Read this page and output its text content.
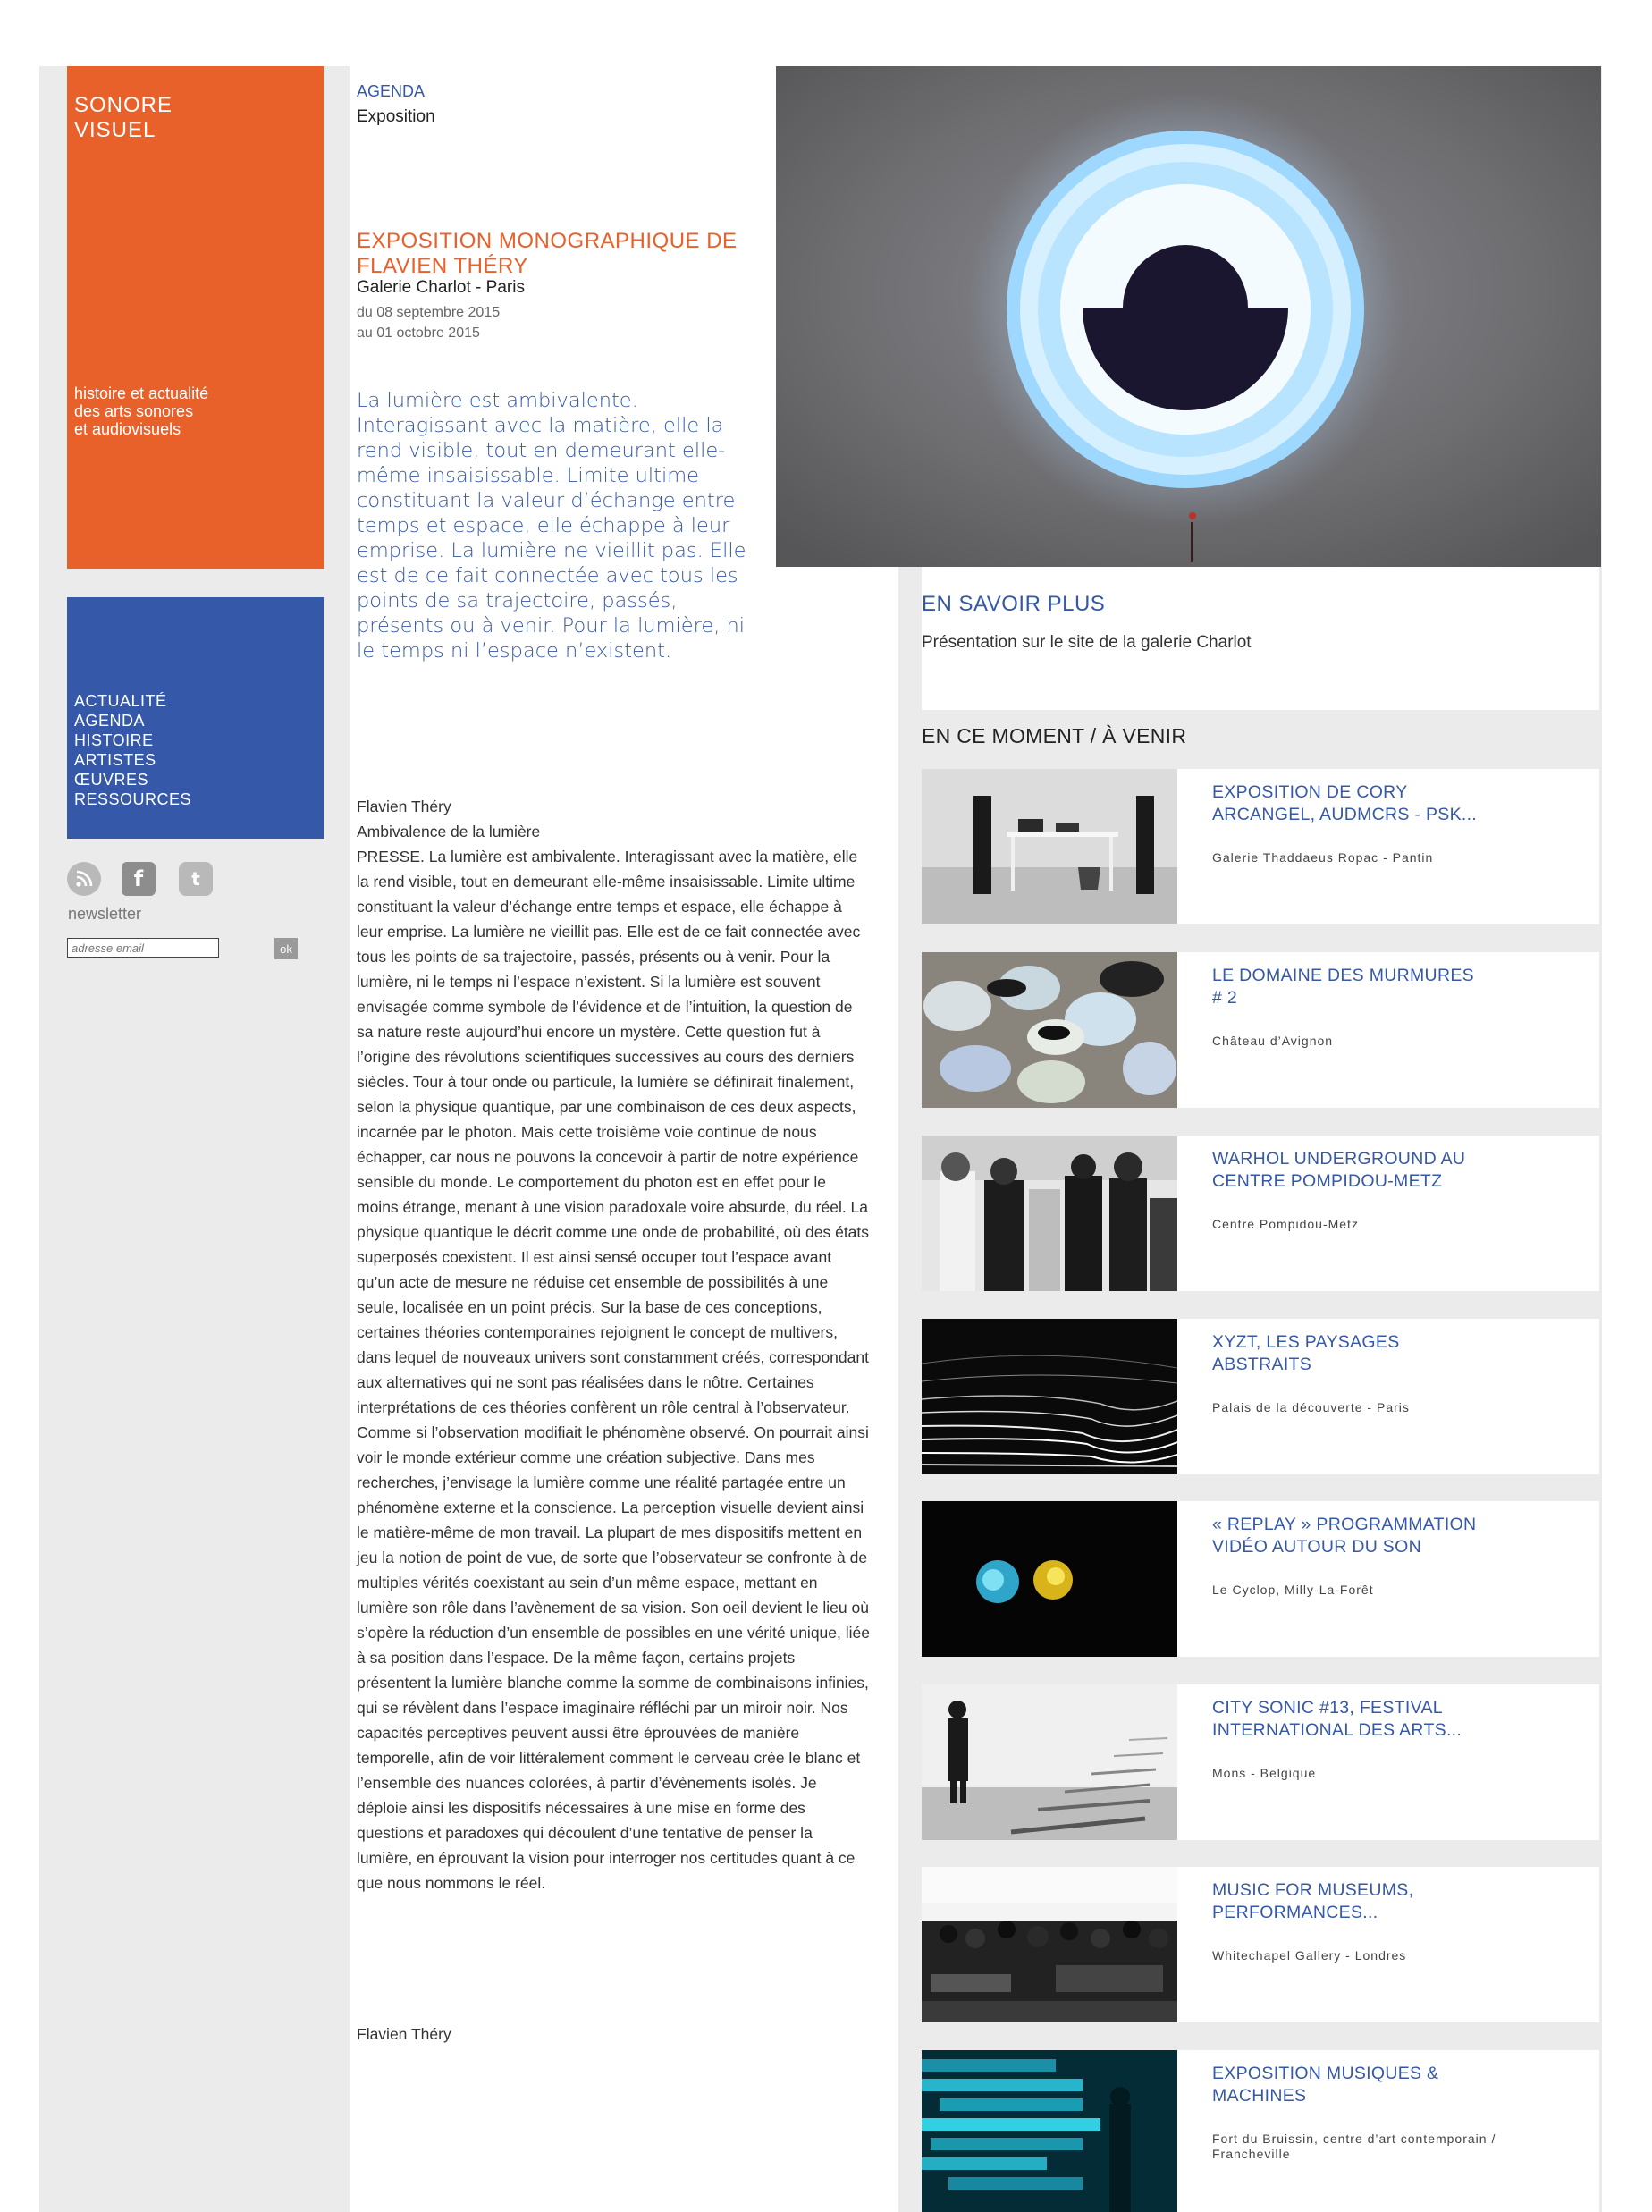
SONORE
VISUEL
histoire et actualité
des arts sonores
et audiovisuels
ACTUALITÉ
AGENDA
HISTOIRE
ARTISTES
ŒUVRES
RESSOURCES
f	t
newsletter
adresse email
ok
AGENDA
Exposition
EXPOSITION MONOGRAPHIQUE DE FLAVIEN THÉRY
Galerie Charlot - Paris
du 08 septembre 2015
au 01 octobre 2015
La lumière est ambivalente. Interagissant avec la matière, elle la rend visible, tout en demeurant elle-même insaisissable. Limite ultime constituant la valeur d’échange entre temps et espace, elle échappe à leur emprise. La lumière ne vieillit pas. Elle est de ce fait connectée avec tous les points de sa trajectoire, passés, présents ou à venir. Pour la lumière, ni le temps ni l’espace n’existent.

Flavien Théry

Ambivalence de la lumière

PRESSE. La lumière est ambivalente. Interagissant avec la matière, elle la rend visible, tout en demeurant elle-même insaisissable. Limite ultime constituant la valeur d’échange entre temps et espace, elle échappe à leur emprise. La lumière ne vieillit pas. Elle est de ce fait connectée avec tous les points de sa trajectoire, passés, présents ou à venir. Pour la lumière, ni le temps ni l’espace n’existent. Si la lumière est souvent envisagée comme symbole de l’évidence et de l’intuition, la question de sa nature reste aujourd’hui encore un mystère. Cette question fut à l’origine des révolutions scientifiques successives au cours des derniers siècles. Tour à tour onde ou particule, la lumière se définirait finalement, selon la physique quantique, par une combinaison de ces deux aspects, incarnée par le photon. Mais cette troisième voie continue de nous échapper, car nous ne pouvons la concevoir à partir de notre expérience sensible du monde. Le comportement du photon est en effet pour le moins étrange, menant à une vision paradoxale voire absurde, du réel. La physique quantique le décrit comme une onde de probabilité, où des états superposés coexistent. Il est ainsi sensé occuper tout l’espace avant qu’un acte de mesure ne réduise cet ensemble de possibilités à une seule, localisée en un point précis. Sur la base de ces conceptions, certaines théories contemporaines rejoignent le concept de multivers, dans lequel de nouveaux univers sont constamment créés, correspondant aux alternatives qui ne sont pas réalisées dans le nôtre. Certaines interprétations de ces théories confèrent un rôle central à l’observateur. Comme si l’observation modifiait le phénomène observé. On pourrait ainsi voir le monde extérieur comme une création subjective. Dans mes recherches, j’envisage la lumière comme une réalité partagée entre un phénomène externe et la conscience. La perception visuelle devient ainsi le matière-même de mon travail. La plupart de mes dispositifs mettent en jeu la notion de point de vue, de sorte que l’observateur se confronte à de multiples vérités coexistant au sein d’un même espace, mettant en lumière son rôle dans l’avènement de sa vision. Son oeil devient le lieu où s’opère la réduction d’un ensemble de possibles en une vérité unique, liée à sa position dans l’espace. De la même façon, certains projets présentent la lumière blanche comme la somme de combinaisons infinies, qui se révèlent dans l’espace imaginaire réfléchi par un miroir noir. Nos capacités perceptives peuvent aussi être éprouvées de manière temporelle, afin de voir littéralement comment le cerveau crée le blanc et l’ensemble des nuances colorées, à partir d’évènements isolés. Je déploie ainsi les dispositifs nécessaires à une mise en forme des questions et paradoxes qui découlent d’une tentative de penser la lumière, en éprouvant la vision pour interroger nos certitudes quant à ce que nous nommons le réel.

Flavien Théry
EN SAVOIR PLUS
Présentation sur le site de la galerie Charlot
EN CE MOMENT / À VENIR
EXPOSITION DE CORY ARCANGEL, AUDMCRS - PSK...
Galerie Thaddaeus Ropac - Pantin
LE DOMAINE DES MURMURES # 2
Château d’Avignon
WARHOL UNDERGROUND AU CENTRE POMPIDOU-METZ
Centre Pompidou-Metz
XYZT, LES PAYSAGES ABSTRAITS
Palais de la découverte - Paris
« REPLAY » PROGRAMMATION VIDÉO AUTOUR DU SON
Le Cyclop, Milly-La-Forêt
CITY SONIC #13, FESTIVAL INTERNATIONAL DES ARTS...
Mons - Belgique
MUSIC FOR MUSEUMS, PERFORMANCES...
Whitechapel Gallery - Londres
EXPOSITION MUSIQUES & MACHINES
Fort du Bruissin, centre d’art contemporain / Francheville
